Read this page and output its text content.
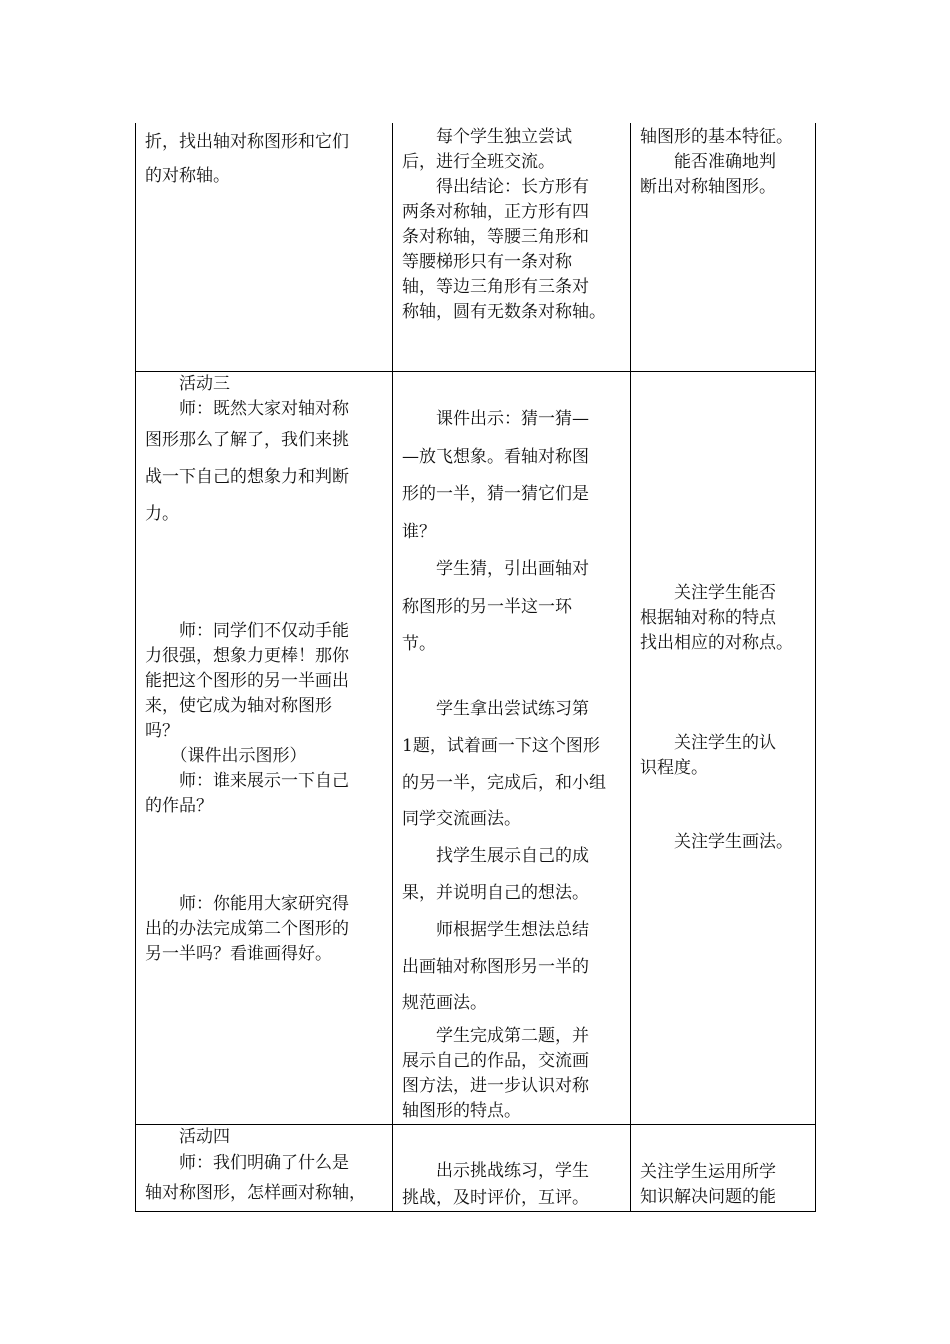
折，找出轴对称图形和它们

的对称轴。

　　每个学生独立尝试

后，进行全班交流。

　　得出结论：长方形有

两条对称轴，正方形有四

条对称轴，等腰三角形和

等腰梯形只有一条对称

轴，等边三角形有三条对

称轴，圆有无数条对称轴。

轴图形的基本特征。

　　能否准确地判

断出对称轴图形。

　　活动三

　　师：既然大家对轴对称

图形那么了解了，我们来挑

战一下自己的想象力和判断

力。

　　师：同学们不仅动手能

力很强，想象力更棒！那你

能把这个图形的另一半画出

来，使它成为轴对称图形

吗？

　　（课件出示图形）

　　师：谁来展示一下自己

的作品？

　　师：你能用大家研究得

出的办法完成第二个图形的

另一半吗？看谁画得好。

　　课件出示：猜一猜—

—放飞想象。看轴对称图

形的一半，猜一猜它们是

谁？

　　学生猜，引出画轴对

称图形的另一半这一环

节。

　　学生拿出尝试练习第

1题，试着画一下这个图形

的另一半，完成后，和小组

同学交流画法。

　　找学生展示自己的成

果，并说明自己的想法。

　　师根据学生想法总结

出画轴对称图形另一半的

规范画法。

　　学生完成第二题，并

展示自己的作品，交流画

图方法，进一步认识对称

轴图形的特点。

　　关注学生能否

根据轴对称的特点

找出相应的对称点。

　　关注学生的认

识程度。

　　关注学生画法。

　　活动四

　　师：我们明确了什么是

轴对称图形，怎样画对称轴，

　　出示挑战练习，学生

挑战，及时评价，互评。

关注学生运用所学

知识解决问题的能
